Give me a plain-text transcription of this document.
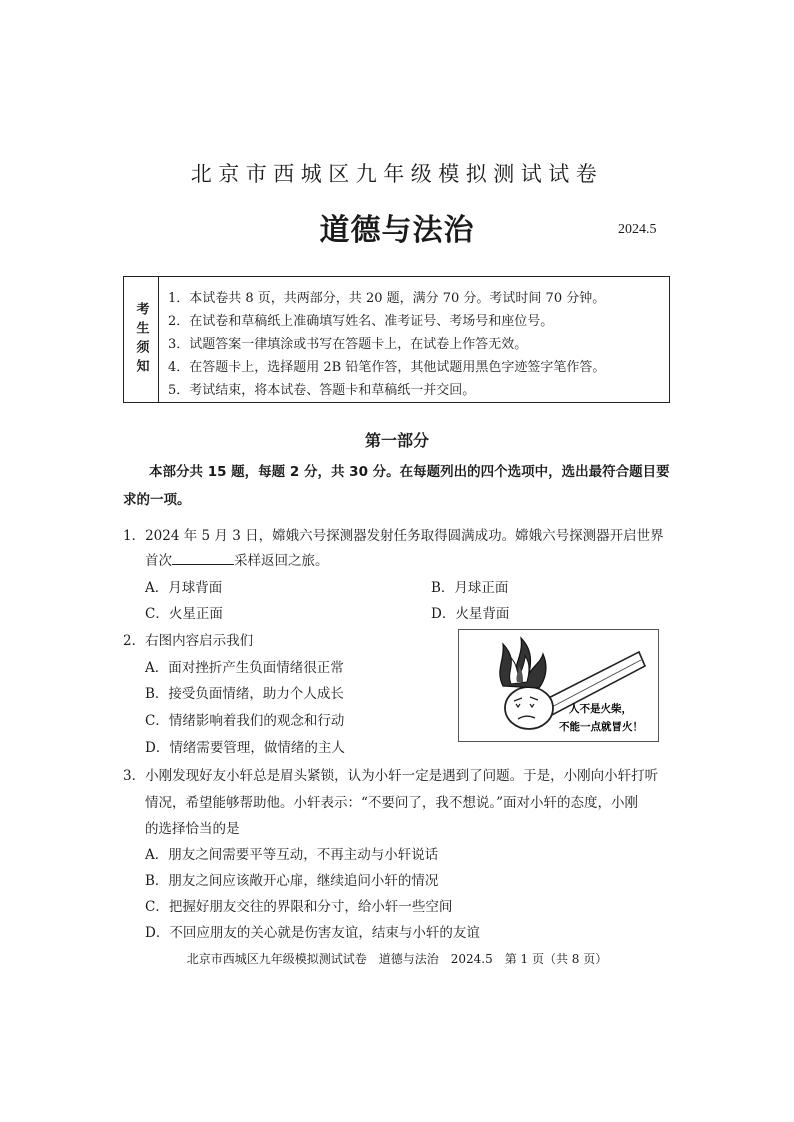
北京市西城区九年级模拟测试试卷
道德与法治	2024.5
考生须知
1．本试卷共 8 页，共两部分，共 20 题，满分 70 分。考试时间 70 分钟。
2．在试卷和草稿纸上准确填写姓名、准考证号、考场号和座位号。
3．试题答案一律填涂或书写在答题卡上，在试卷上作答无效。
4．在答题卡上，选择题用 2B 铅笔作答，其他试题用黑色字迹签字笔作答。
5．考试结束，将本试卷、答题卡和草稿纸一并交回。
第一部分
本部分共 15 题，每题 2 分，共 30 分。在每题列出的四个选项中，选出最符合题目要求的一项。
1．2024 年 5 月 3 日，嫦娥六号探测器发射任务取得圆满成功。嫦娥六号探测器开启世界
首次	采样返回之旅。
A．月球背面	B．月球正面
C．火星正面	D．火星背面
2．右图内容启示我们
A．面对挫折产生负面情绪很正常
B．接受负面情绪，助力个人成长
C．情绪影响着我们的观念和行动
D．情绪需要管理，做情绪的主人
人不是火柴，
不能一点就冒火！
3．小刚发现好友小轩总是眉头紧锁，认为小轩一定是遇到了问题。于是，小刚向小轩打听
情况，希望能够帮助他。小轩表示：“不要问了，我不想说。”面对小轩的态度，小刚
的选择恰当的是
A．朋友之间需要平等互动，不再主动与小轩说话
B．朋友之间应该敞开心扉，继续追问小轩的情况
C．把握好朋友交往的界限和分寸，给小轩一些空间
D．不回应朋友的关心就是伤害友谊，结束与小轩的友谊
北京市西城区九年级模拟测试试卷　道德与法治　2024.5　第 1 页（共 8 页）
